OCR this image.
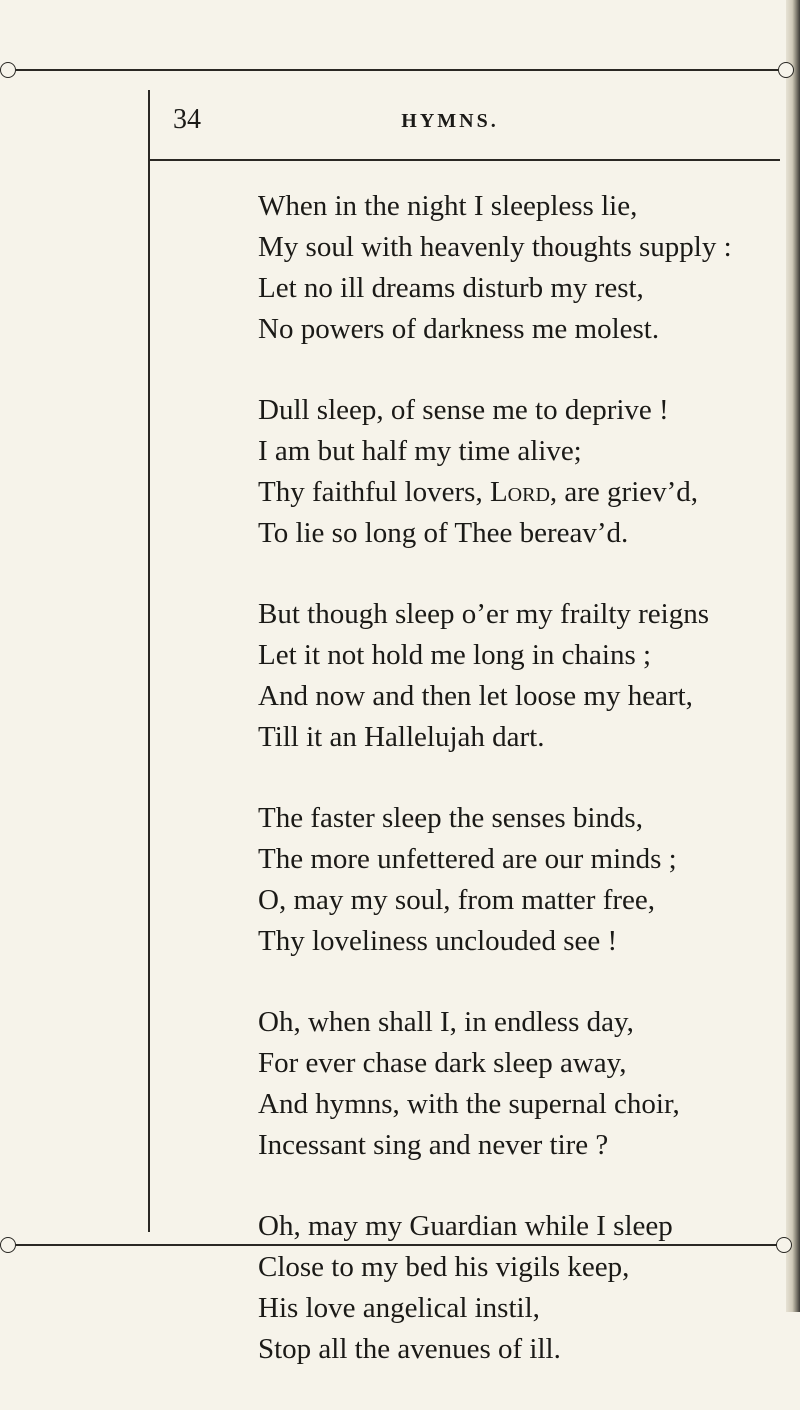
34	HYMNS.
When in the night I sleepless lie,
My soul with heavenly thoughts supply :
Let no ill dreams disturb my rest,
No powers of darkness me molest.
Dull sleep, of sense me to deprive !
I am but half my time alive;
Thy faithful lovers, Lord, are griev’d,
To lie so long of Thee bereav’d.
But though sleep o’er my frailty reigns
Let it not hold me long in chains ;
And now and then let loose my heart,
Till it an Hallelujah dart.
The faster sleep the senses binds,
The more unfettered are our minds ;
O, may my soul, from matter free,
Thy loveliness unclouded see !
Oh, when shall I, in endless day,
For ever chase dark sleep away,
And hymns, with the supernal choir,
Incessant sing and never tire ?
Oh, may my Guardian while I sleep
Close to my bed his vigils keep,
His love angelical instil,
Stop all the avenues of ill.
